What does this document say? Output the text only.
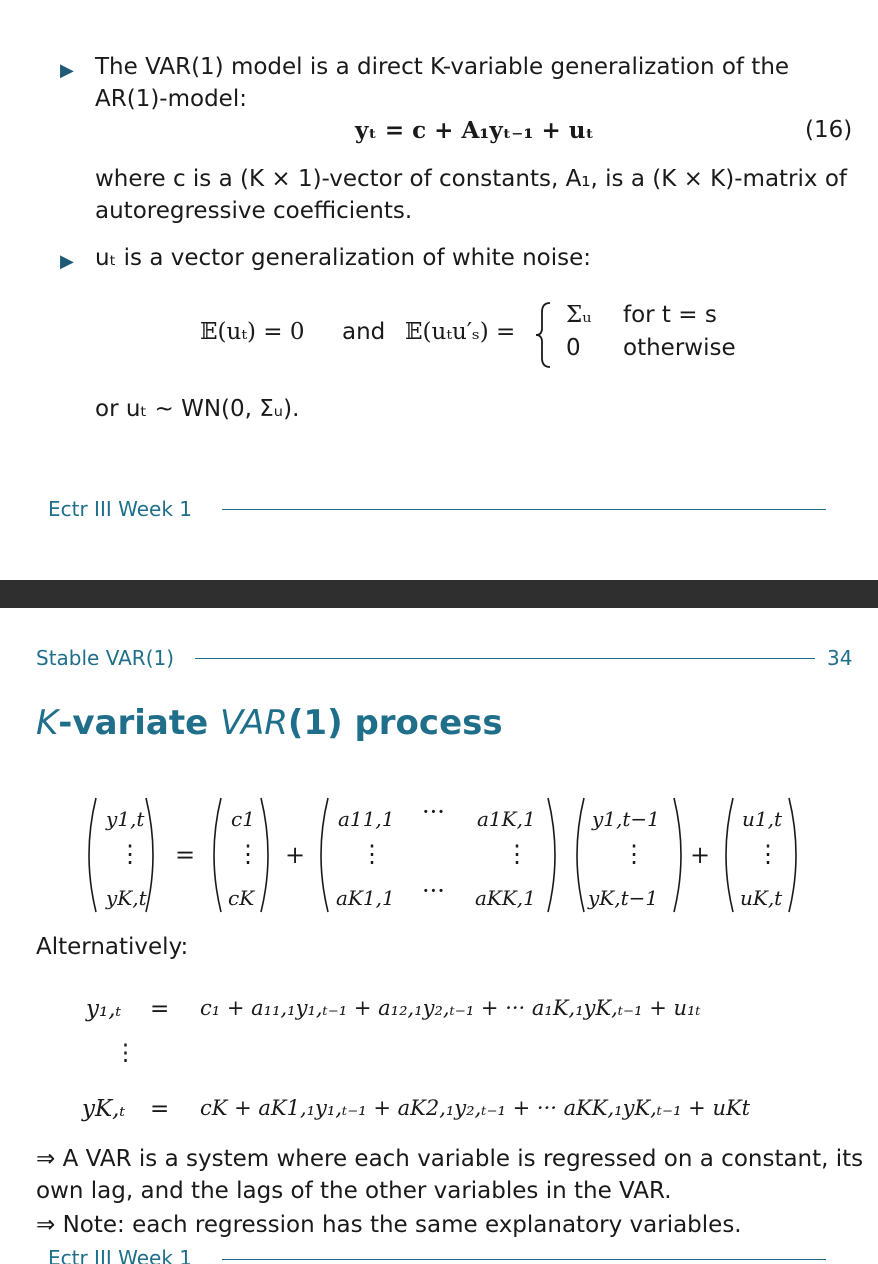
▶ The VAR(1) model is a direct K-variable generalization of the
AR(1)-model:
yₜ = c + A₁yₜ₋₁ + uₜ	(16)
where c is a (K × 1)-vector of constants, A₁, is a (K × K)-matrix of
autoregressive coefficients.
▶ uₜ is a vector generalization of white noise:
𝔼(uₜ) = 0 and 𝔼(uₜu′ₛ) =
Σᵤ for t = s
0 otherwise
or uₜ ∼ WN(0, Σᵤ).
Ectr III Week 1
Stable VAR(1)	34
K-variate VAR(1) process
y1,t
⋮
yK,t
=
c1
⋮
cK
+
a11,1 ··· a1K,1
⋮	⋮
aK1,1 ··· aKK,1
y1,t−1
⋮
yK,t−1
+
u1,t
⋮
uK,t
Alternatively:
y₁,ₜ = c₁ + a₁₁,₁y₁,ₜ₋₁ + a₁₂,₁y₂,ₜ₋₁ + ··· a₁K,₁yK,ₜ₋₁ + u₁ₜ
⋮
yK,ₜ = cK + aK1,₁y₁,ₜ₋₁ + aK2,₁y₂,ₜ₋₁ + ··· aKK,₁yK,ₜ₋₁ + uKt
⇒ A VAR is a system where each variable is regressed on a constant, its
own lag, and the lags of the other variables in the VAR.
⇒ Note: each regression has the same explanatory variables.
Ectr III Week 1
